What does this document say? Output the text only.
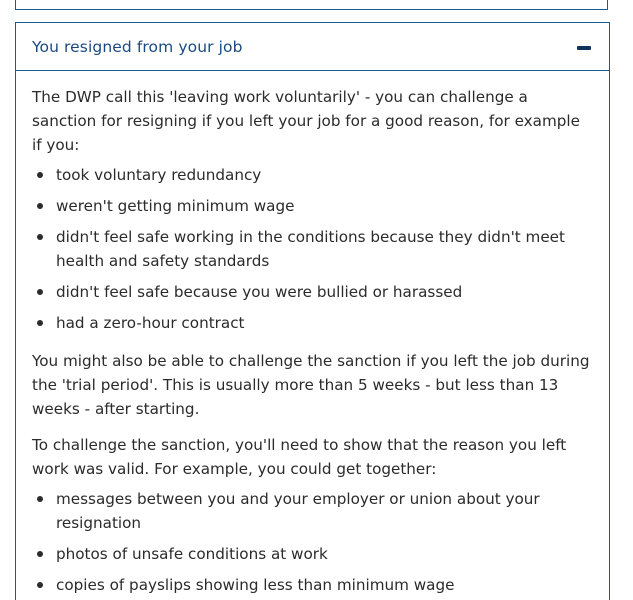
You resigned from your job

The DWP call this 'leaving work voluntarily' - you can challenge a sanction for resigning if you left your job for a good reason, for example if you:

took voluntary redundancy
weren't getting minimum wage
didn't feel safe working in the conditions because they didn't meet health and safety standards
didn't feel safe because you were bullied or harassed
had a zero-hour contract

You might also be able to challenge the sanction if you left the job during the 'trial period'. This is usually more than 5 weeks - but less than 13 weeks - after starting.

To challenge the sanction, you'll need to show that the reason you left work was valid. For example, you could get together:

messages between you and your employer or union about your resignation
photos of unsafe conditions at work
copies of payslips showing less than minimum wage
